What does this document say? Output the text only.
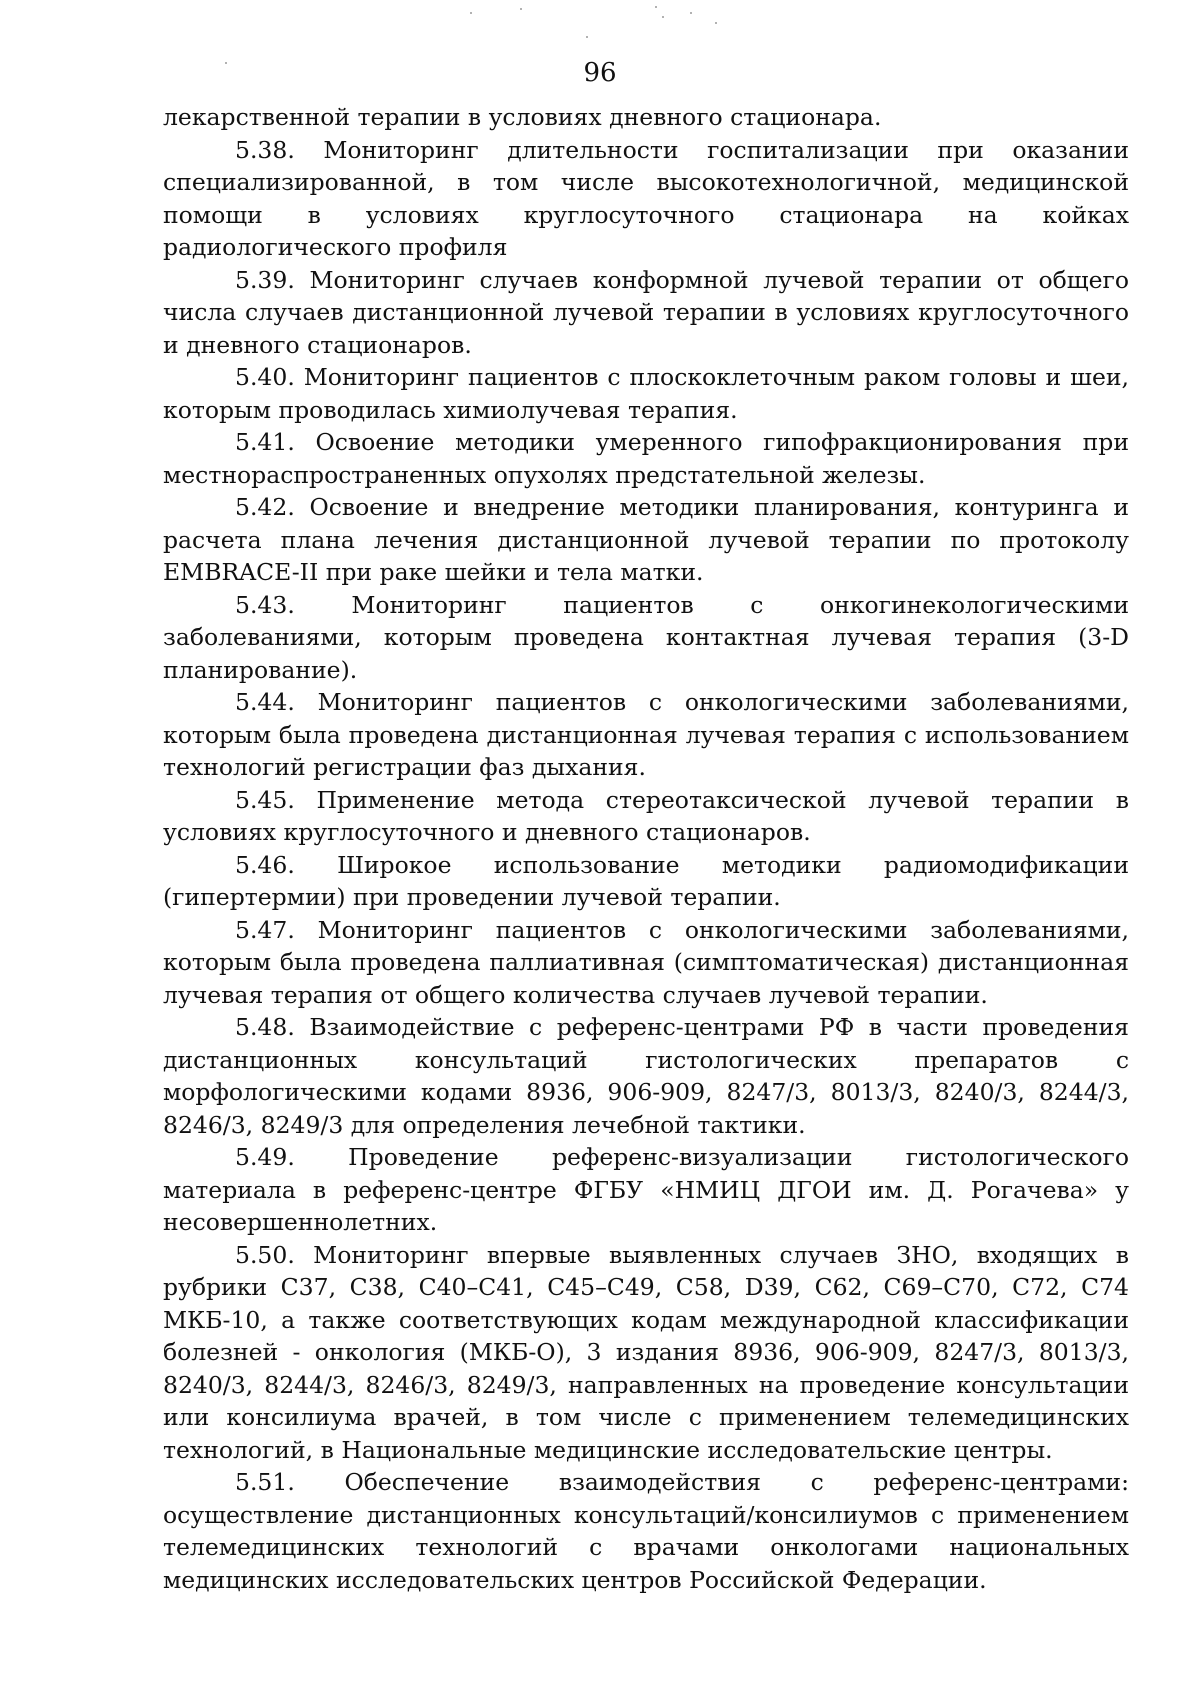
96

лекарственной терапии в условиях дневного стационара.

5.38. Мониторинг длительности госпитализации при оказании специализированной, в том числе высокотехнологичной, медицинской помощи в условиях круглосуточного стационара на койках радиологического профиля

5.39. Мониторинг случаев конформной лучевой терапии от общего числа случаев дистанционной лучевой терапии в условиях круглосуточного и дневного стационаров.

5.40. Мониторинг пациентов с плоскоклеточным раком головы и шеи, которым проводилась химиолучевая терапия.

5.41. Освоение методики умеренного гипофракционирования при местнораспространенных опухолях предстательной железы.

5.42. Освоение и внедрение методики планирования, контуринга и расчета плана лечения дистанционной лучевой терапии по протоколу EMBRACE-II при раке шейки и тела матки.

5.43. Мониторинг пациентов с онкогинекологическими заболеваниями, которым проведена контактная лучевая терапия (3-D планирование).

5.44. Мониторинг пациентов с онкологическими заболеваниями, которым была проведена дистанционная лучевая терапия с использованием технологий регистрации фаз дыхания.

5.45. Применение метода стереотаксической лучевой терапии в условиях круглосуточного и дневного стационаров.

5.46. Широкое использование методики радиомодификации (гипертермии) при проведении лучевой терапии.

5.47. Мониторинг пациентов с онкологическими заболеваниями, которым была проведена паллиативная (симптоматическая) дистанционная лучевая терапия от общего количества случаев лучевой терапии.

5.48. Взаимодействие с референс-центрами РФ в части проведения дистанционных консультаций гистологических препаратов с морфологическими кодами 8936, 906-909, 8247/3, 8013/3, 8240/3, 8244/3, 8246/3, 8249/3 для определения лечебной тактики.

5.49. Проведение референс-визуализации гистологического материала в референс-центре ФГБУ «НМИЦ ДГОИ им. Д. Рогачева» у несовершеннолетних.

5.50. Мониторинг впервые выявленных случаев ЗНО, входящих в рубрики C37, C38, C40–C41, C45–C49, C58, D39, C62, C69–C70, C72, C74 МКБ-10, а также соответствующих кодам международной классификации болезней - онкология (МКБ-О), 3 издания 8936, 906-909, 8247/3, 8013/3, 8240/3, 8244/3, 8246/3, 8249/3, направленных на проведение консультации или консилиума врачей, в том числе с применением телемедицинских технологий, в Национальные медицинские исследовательские центры.

5.51. Обеспечение взаимодействия с референс-центрами: осуществление дистанционных консультаций/консилиумов с применением телемедицинских технологий с врачами онкологами национальных медицинских исследовательских центров Российской Федерации.
